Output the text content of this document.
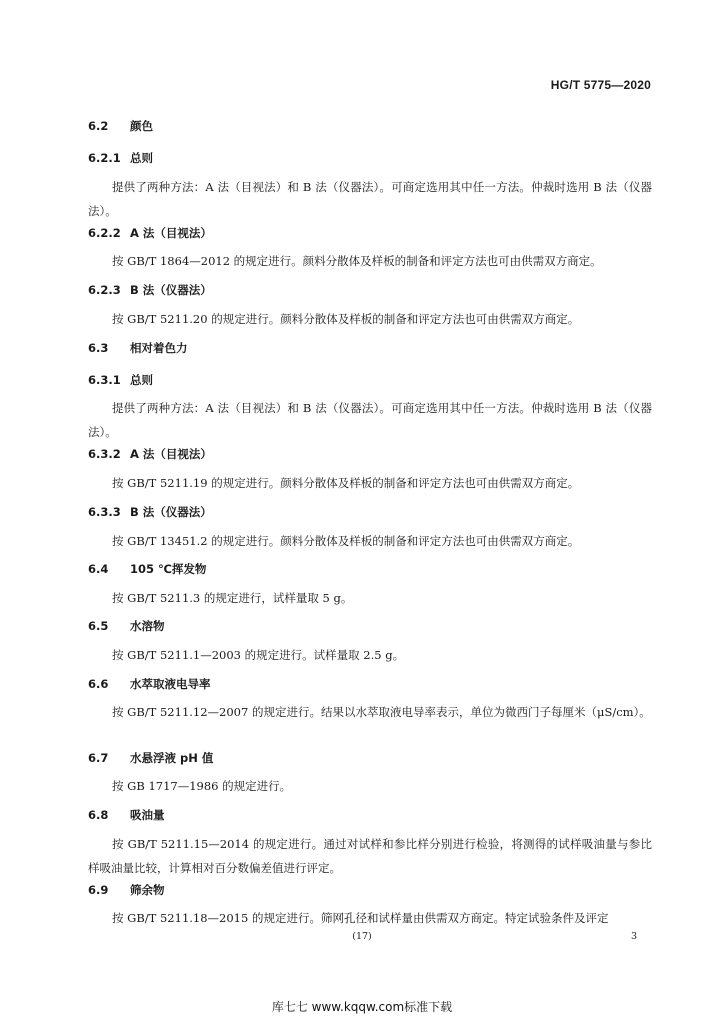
HG/T 5775—2020
6.2 颜色
6.2.1 总则
提供了两种方法：A 法（目视法）和 B 法（仪器法）。可商定选用其中任一方法。仲裁时选用 B 法（仪器法）。
6.2.2 A 法（目视法）
按 GB/T 1864—2012 的规定进行。颜料分散体及样板的制备和评定方法也可由供需双方商定。
6.2.3 B 法（仪器法）
按 GB/T 5211.20 的规定进行。颜料分散体及样板的制备和评定方法也可由供需双方商定。
6.3 相对着色力
6.3.1 总则
提供了两种方法：A 法（目视法）和 B 法（仪器法）。可商定选用其中任一方法。仲裁时选用 B 法（仪器法）。
6.3.2 A 法（目视法）
按 GB/T 5211.19 的规定进行。颜料分散体及样板的制备和评定方法也可由供需双方商定。
6.3.3 B 法（仪器法）
按 GB/T 13451.2 的规定进行。颜料分散体及样板的制备和评定方法也可由供需双方商定。
6.4 105 ℃挥发物
按 GB/T 5211.3 的规定进行，试样量取 5 g。
6.5 水溶物
按 GB/T 5211.1—2003 的规定进行。试样量取 2.5 g。
6.6 水萃取液电导率
按 GB/T 5211.12—2007 的规定进行。结果以水萃取液电导率表示，单位为微西门子每厘米（μS/cm）。
6.7 水悬浮液 pH 值
按 GB 1717—1986 的规定进行。
6.8 吸油量
按 GB/T 5211.15—2014 的规定进行。通过对试样和参比样分别进行检验，将测得的试样吸油量与参比样吸油量比较，计算相对百分数偏差值进行评定。
6.9 筛余物
按 GB/T 5211.18—2015 的规定进行。筛网孔径和试样量由供需双方商定。特定试验条件及评定
(17)	3
库七七 www.kqqw.com标准下载
